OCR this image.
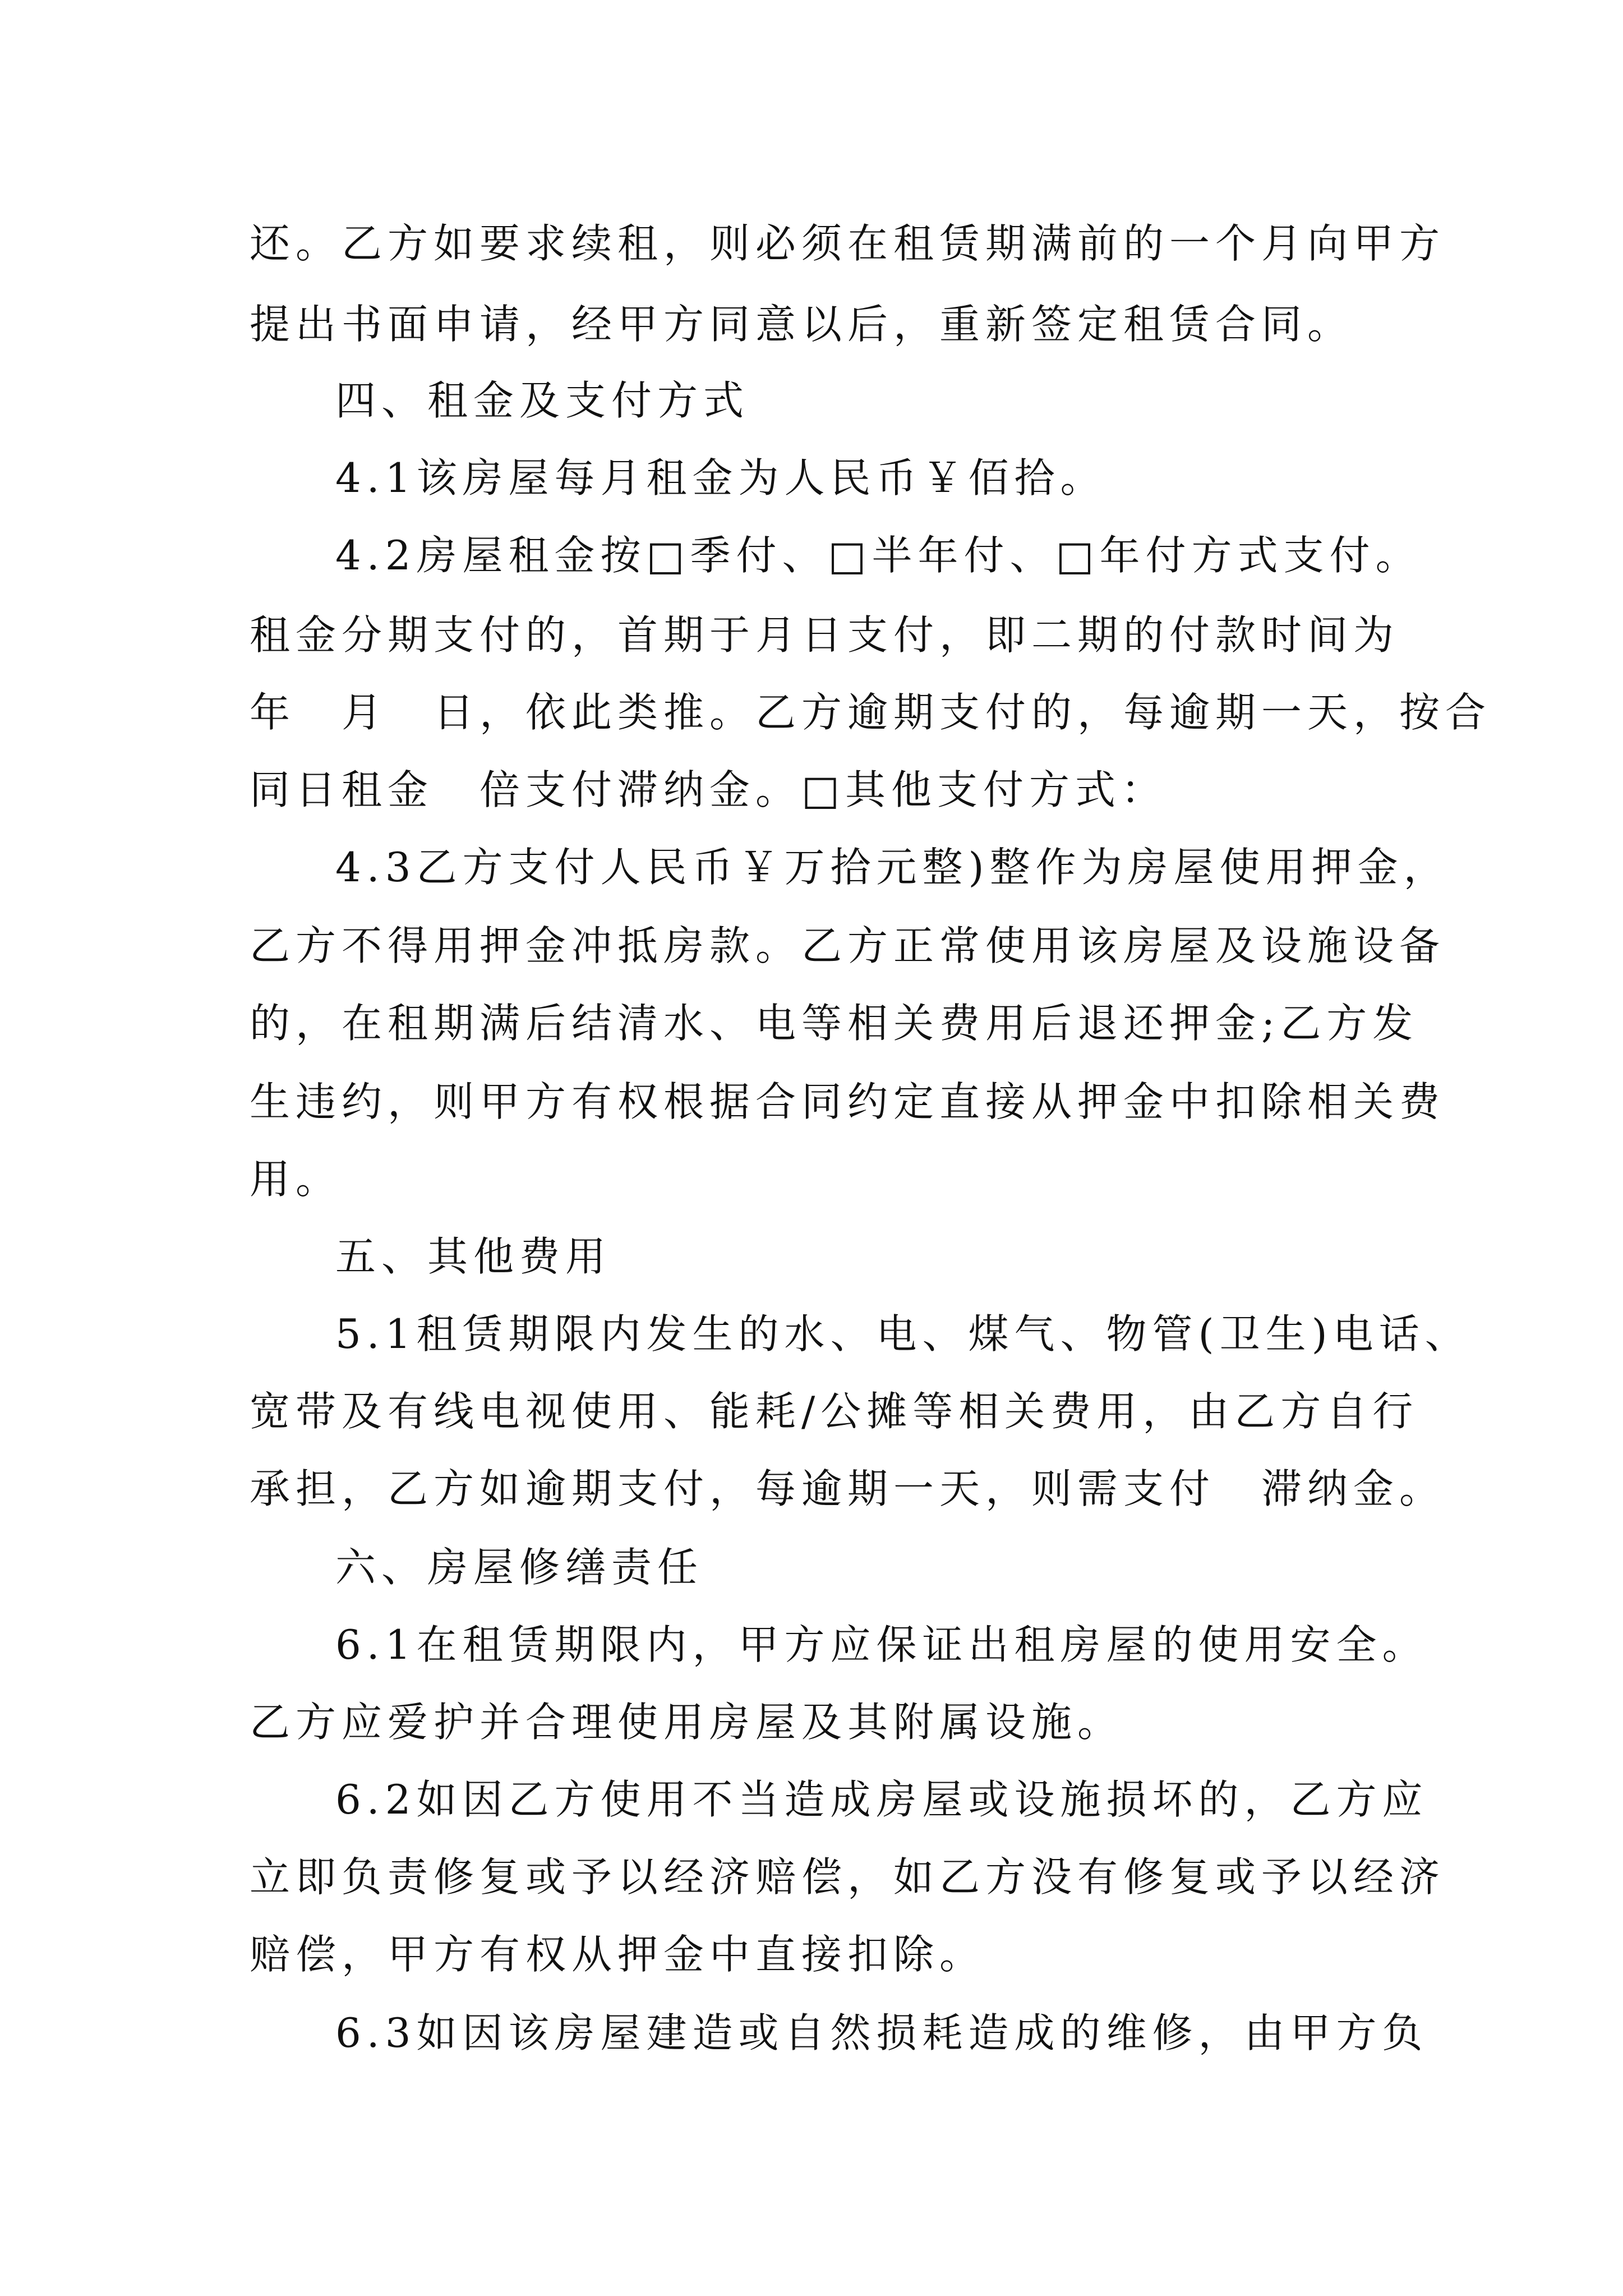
还。乙方如要求续租，则必须在租赁期满前的一个月向甲方
提出书面申请，经甲方同意以后，重新签定租赁合同。
四、租金及支付方式
4.1该房屋每月租金为人民币￥佰拾。
4.2房屋租金按□季付、□半年付、□年付方式支付。
租金分期支付的，首期于月日支付，即二期的付款时间为
年　月　日，依此类推。乙方逾期支付的，每逾期一天，按合
同日租金　倍支付滞纳金。□其他支付方式：
4.3乙方支付人民币￥万拾元整)整作为房屋使用押金，
乙方不得用押金冲抵房款。乙方正常使用该房屋及设施设备
的，在租期满后结清水、电等相关费用后退还押金;乙方发
生违约，则甲方有权根据合同约定直接从押金中扣除相关费
用。
五、其他费用
5.1租赁期限内发生的水、电、煤气、物管(卫生)电话、
宽带及有线电视使用、能耗/公摊等相关费用，由乙方自行
承担，乙方如逾期支付，每逾期一天，则需支付　滞纳金。
六、房屋修缮责任
6.1在租赁期限内，甲方应保证出租房屋的使用安全。
乙方应爱护并合理使用房屋及其附属设施。
6.2如因乙方使用不当造成房屋或设施损坏的，乙方应
立即负责修复或予以经济赔偿，如乙方没有修复或予以经济
赔偿，甲方有权从押金中直接扣除。
6.3如因该房屋建造或自然损耗造成的维修，由甲方负
